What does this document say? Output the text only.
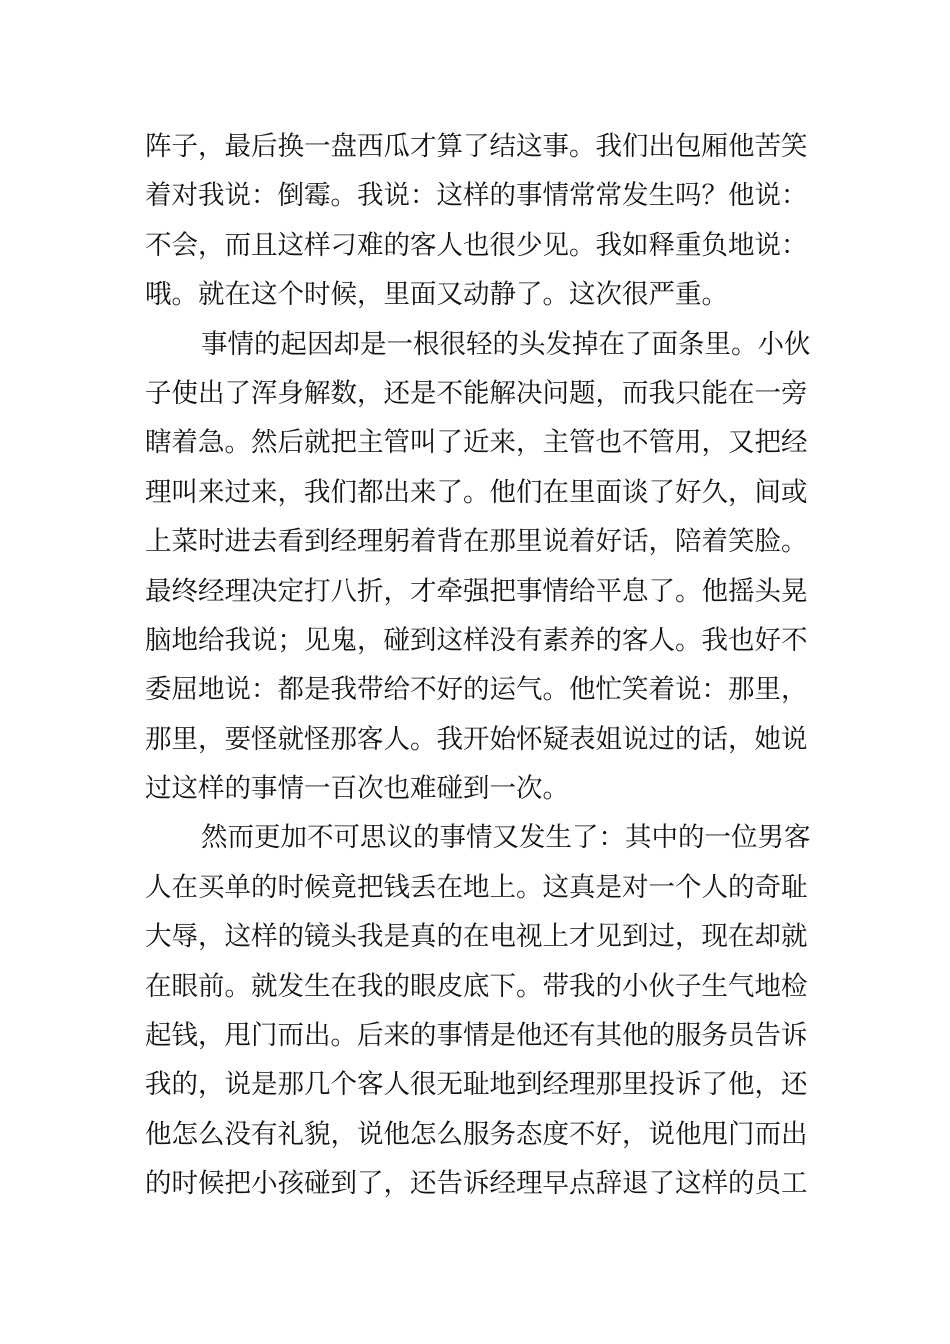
阵子，最后换一盘西瓜才算了结这事。我们出包厢他苦笑
着对我说：倒霉。我说：这样的事情常常发生吗？他说：
不会，而且这样刁难的客人也很少见。我如释重负地说：
哦。就在这个时候，里面又动静了。这次很严重。
事情的起因却是一根很轻的头发掉在了面条里。小伙
子使出了浑身解数，还是不能解决问题，而我只能在一旁
瞎着急。然后就把主管叫了近来，主管也不管用，又把经
理叫来过来，我们都出来了。他们在里面谈了好久，间或
上菜时进去看到经理躬着背在那里说着好话，陪着笑脸。
最终经理决定打八折，才牵强把事情给平息了。他摇头晃
脑地给我说；见鬼，碰到这样没有素养的客人。我也好不
委屈地说：都是我带给不好的运气。他忙笑着说：那里，
那里，要怪就怪那客人。我开始怀疑表姐说过的话，她说
过这样的事情一百次也难碰到一次。
然而更加不可思议的事情又发生了：其中的一位男客
人在买单的时候竟把钱丢在地上。这真是对一个人的奇耻
大辱，这样的镜头我是真的在电视上才见到过，现在却就
在眼前。就发生在我的眼皮底下。带我的小伙子生气地检
起钱，甩门而出。后来的事情是他还有其他的服务员告诉
我的，说是那几个客人很无耻地到经理那里投诉了他，还
他怎么没有礼貌，说他怎么服务态度不好，说他甩门而出
的时候把小孩碰到了，还告诉经理早点辞退了这样的员工
